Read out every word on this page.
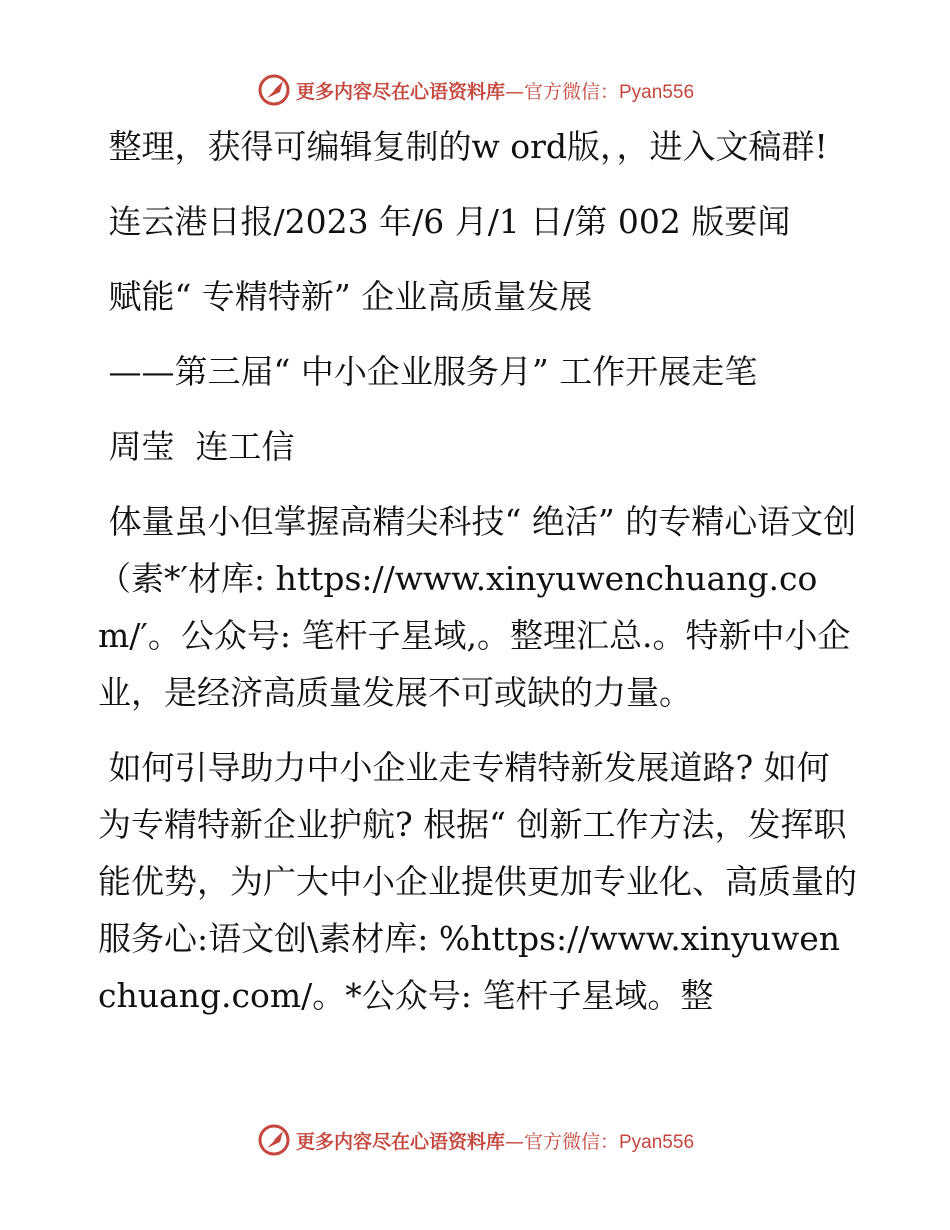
更多内容尽在心语资料库—官方微信：Pyan556

整理，获得可编辑复制的w ord版，，进入文稿群!

连云港日报/2023 年/6 月/1 日/第 002 版要闻

赋能“ 专精特新” 企业高质量发展

——第三届“ 中小企业服务月” 工作开展走笔

周莹  连工信

体量虽小但掌握高精尖科技“ 绝活” 的专精心语文创（素*′材库: https://www.xinyuwenchuang.com/′。公众号: 笔杆子星域,。整理汇总.。特新中小企业，是经济高质量发展不可或缺的力量。

如何引导助力中小企业走专精特新发展道路? 如何为专精特新企业护航? 根据“ 创新工作方法，发挥职能优势，为广大中小企业提供更加专业化、高质量的服务心:语文创\素材库: %https://www.xinyuwenchuang.com/。*公众号: 笔杆子星域。整

更多内容尽在心语资料库—官方微信：Pyan556
